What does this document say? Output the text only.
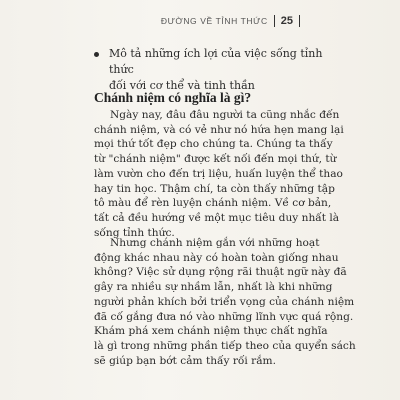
ĐƯỜNG VỀ TỈNH THỨC 25
Mô tả những ích lợi của việc sống tỉnh thức
đối với cơ thể và tinh thần
Chánh niệm có nghĩa là gì?
Ngày nay, đâu đâu người ta cũng nhắc đến
chánh niệm, và có vẻ như nó hứa hẹn mang lại
mọi thứ tốt đẹp cho chúng ta. Chúng ta thấy
từ "chánh niệm" được kết nối đến mọi thứ, từ
làm vườn cho đến trị liệu, huấn luyện thể thao
hay tin học. Thậm chí, ta còn thấy những tập
tô màu để rèn luyện chánh niệm. Về cơ bản,
tất cả đều hướng về một mục tiêu duy nhất là
sống tỉnh thức.
Nhưng chánh niệm gắn với những hoạt
động khác nhau này có hoàn toàn giống nhau
không? Việc sử dụng rộng rãi thuật ngữ này đã
gây ra nhiều sự nhầm lẫn, nhất là khi những
người phản khích bởi triển vọng của chánh niệm
đã cố gắng đưa nó vào những lĩnh vực quá rộng.
Khám phá xem chánh niệm thực chất nghĩa
là gì trong những phần tiếp theo của quyển sách
sẽ giúp bạn bớt cảm thấy rối rắm.
